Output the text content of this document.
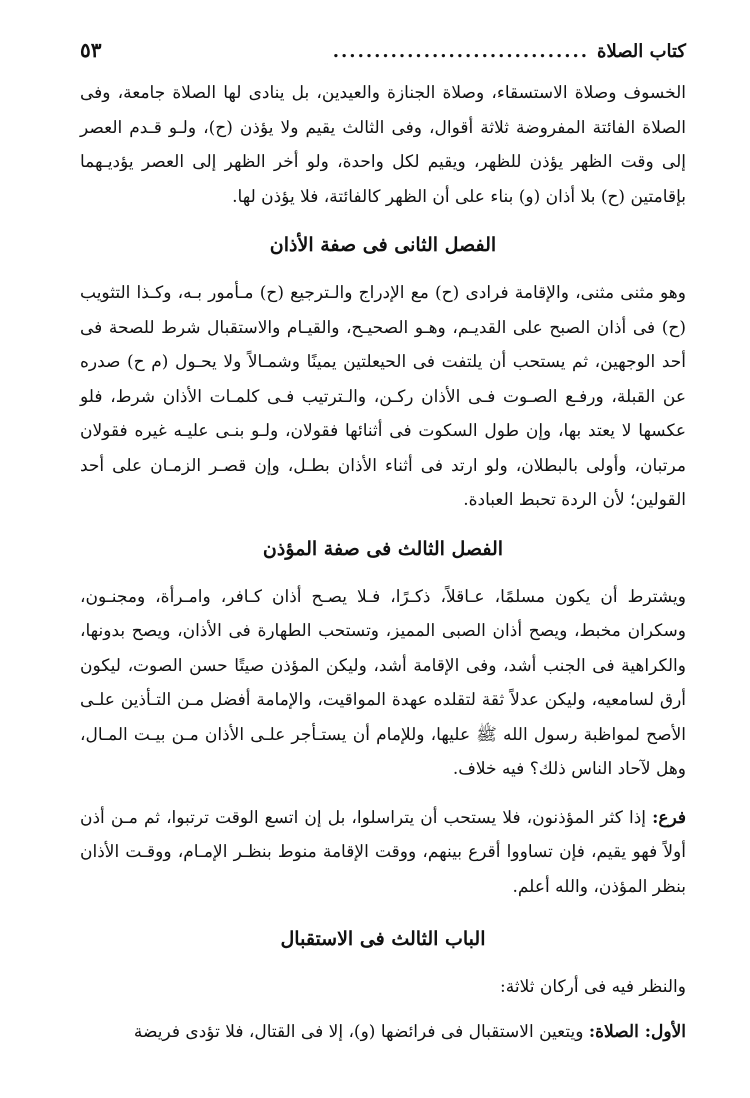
كتاب الصلاة
...............................
٥٣

الخسوف وصلاة الاستسقاء، وصلاة الجنازة والعيدين، بل ينادى لها الصلاة جامعة، وفى الصلاة الفائتة المفروضة ثلاثة أقوال، وفى الثالث يقيم ولا يؤذن (ح)، ولـو قـدم العصر إلى وقت الظهر يؤذن للظهر، ويقيم لكل واحدة، ولو أخر الظهر إلى العصر يؤديـهما بإقامتين (ح) بلا أذان (و) بناء على أن الظهر كالفائتة، فلا يؤذن لها.

الفصل الثانى فى صفة الأذان

وهو مثنى مثنى، والإقامة فرادى (ح) مع الإدراج والـترجيع (ح) مـأمور بـه، وكـذا التثويب (ح) فى أذان الصبح على القديـم، وهـو الصحيـح، والقيـام والاستقبال شرط للصحة فى أحد الوجهين، ثم يستحب أن يلتفت فى الحيعلتين يمينًا وشمـالاً ولا يحـول (م ح) صدره عن القبلة، ورفـع الصـوت فـى الأذان ركـن، والـترتيب فـى كلمـات الأذان شرط، فلو عكسها لا يعتد بها، وإن طول السكوت فى أثنائها فقولان، ولـو بنـى عليـه غيره فقولان مرتبان، وأولى بالبطلان، ولو ارتد فى أثناء الأذان بطـل، وإن قصـر الزمـان على أحد القولين؛ لأن الردة تحبط العبادة.

الفصل الثالث فى صفة المؤذن

ويشترط أن يكون مسلمًا، عـاقلاً، ذكـرًا، فـلا يصـح أذان كـافر، وامـرأة، ومجنـون، وسكران مخبط، ويصح أذان الصبى المميز، وتستحب الطهارة فى الأذان، ويصح بدونها، والكراهية فى الجنب أشد، وفى الإقامة أشد، وليكن المؤذن صيتًا حسن الصوت، ليكون أرق لسامعيه، وليكن عدلاً ثقة لتقلده عهدة المواقيت، والإمامة أفضل مـن التـأذين علـى الأصح لمواظبة رسول الله ﷺ عليها، وللإمام أن يستـأجر علـى الأذان مـن بيـت المـال، وهل لآحاد الناس ذلك؟ فيه خلاف.

فرع: إذا كثر المؤذنون، فلا يستحب أن يتراسلوا، بل إن اتسع الوقت ترتبوا، ثم مـن أذن أولاً فهو يقيم، فإن تساووا أقرع بينهم، ووقت الإقامة منوط بنظـر الإمـام، ووقـت الأذان بنظر المؤذن، والله أعلم.

الباب الثالث فى الاستقبال

والنظر فيه فى أركان ثلاثة:

الأول: الصلاة: ويتعين الاستقبال فى فرائضها (و)، إلا فى القتال، فلا تؤدى فريضة
